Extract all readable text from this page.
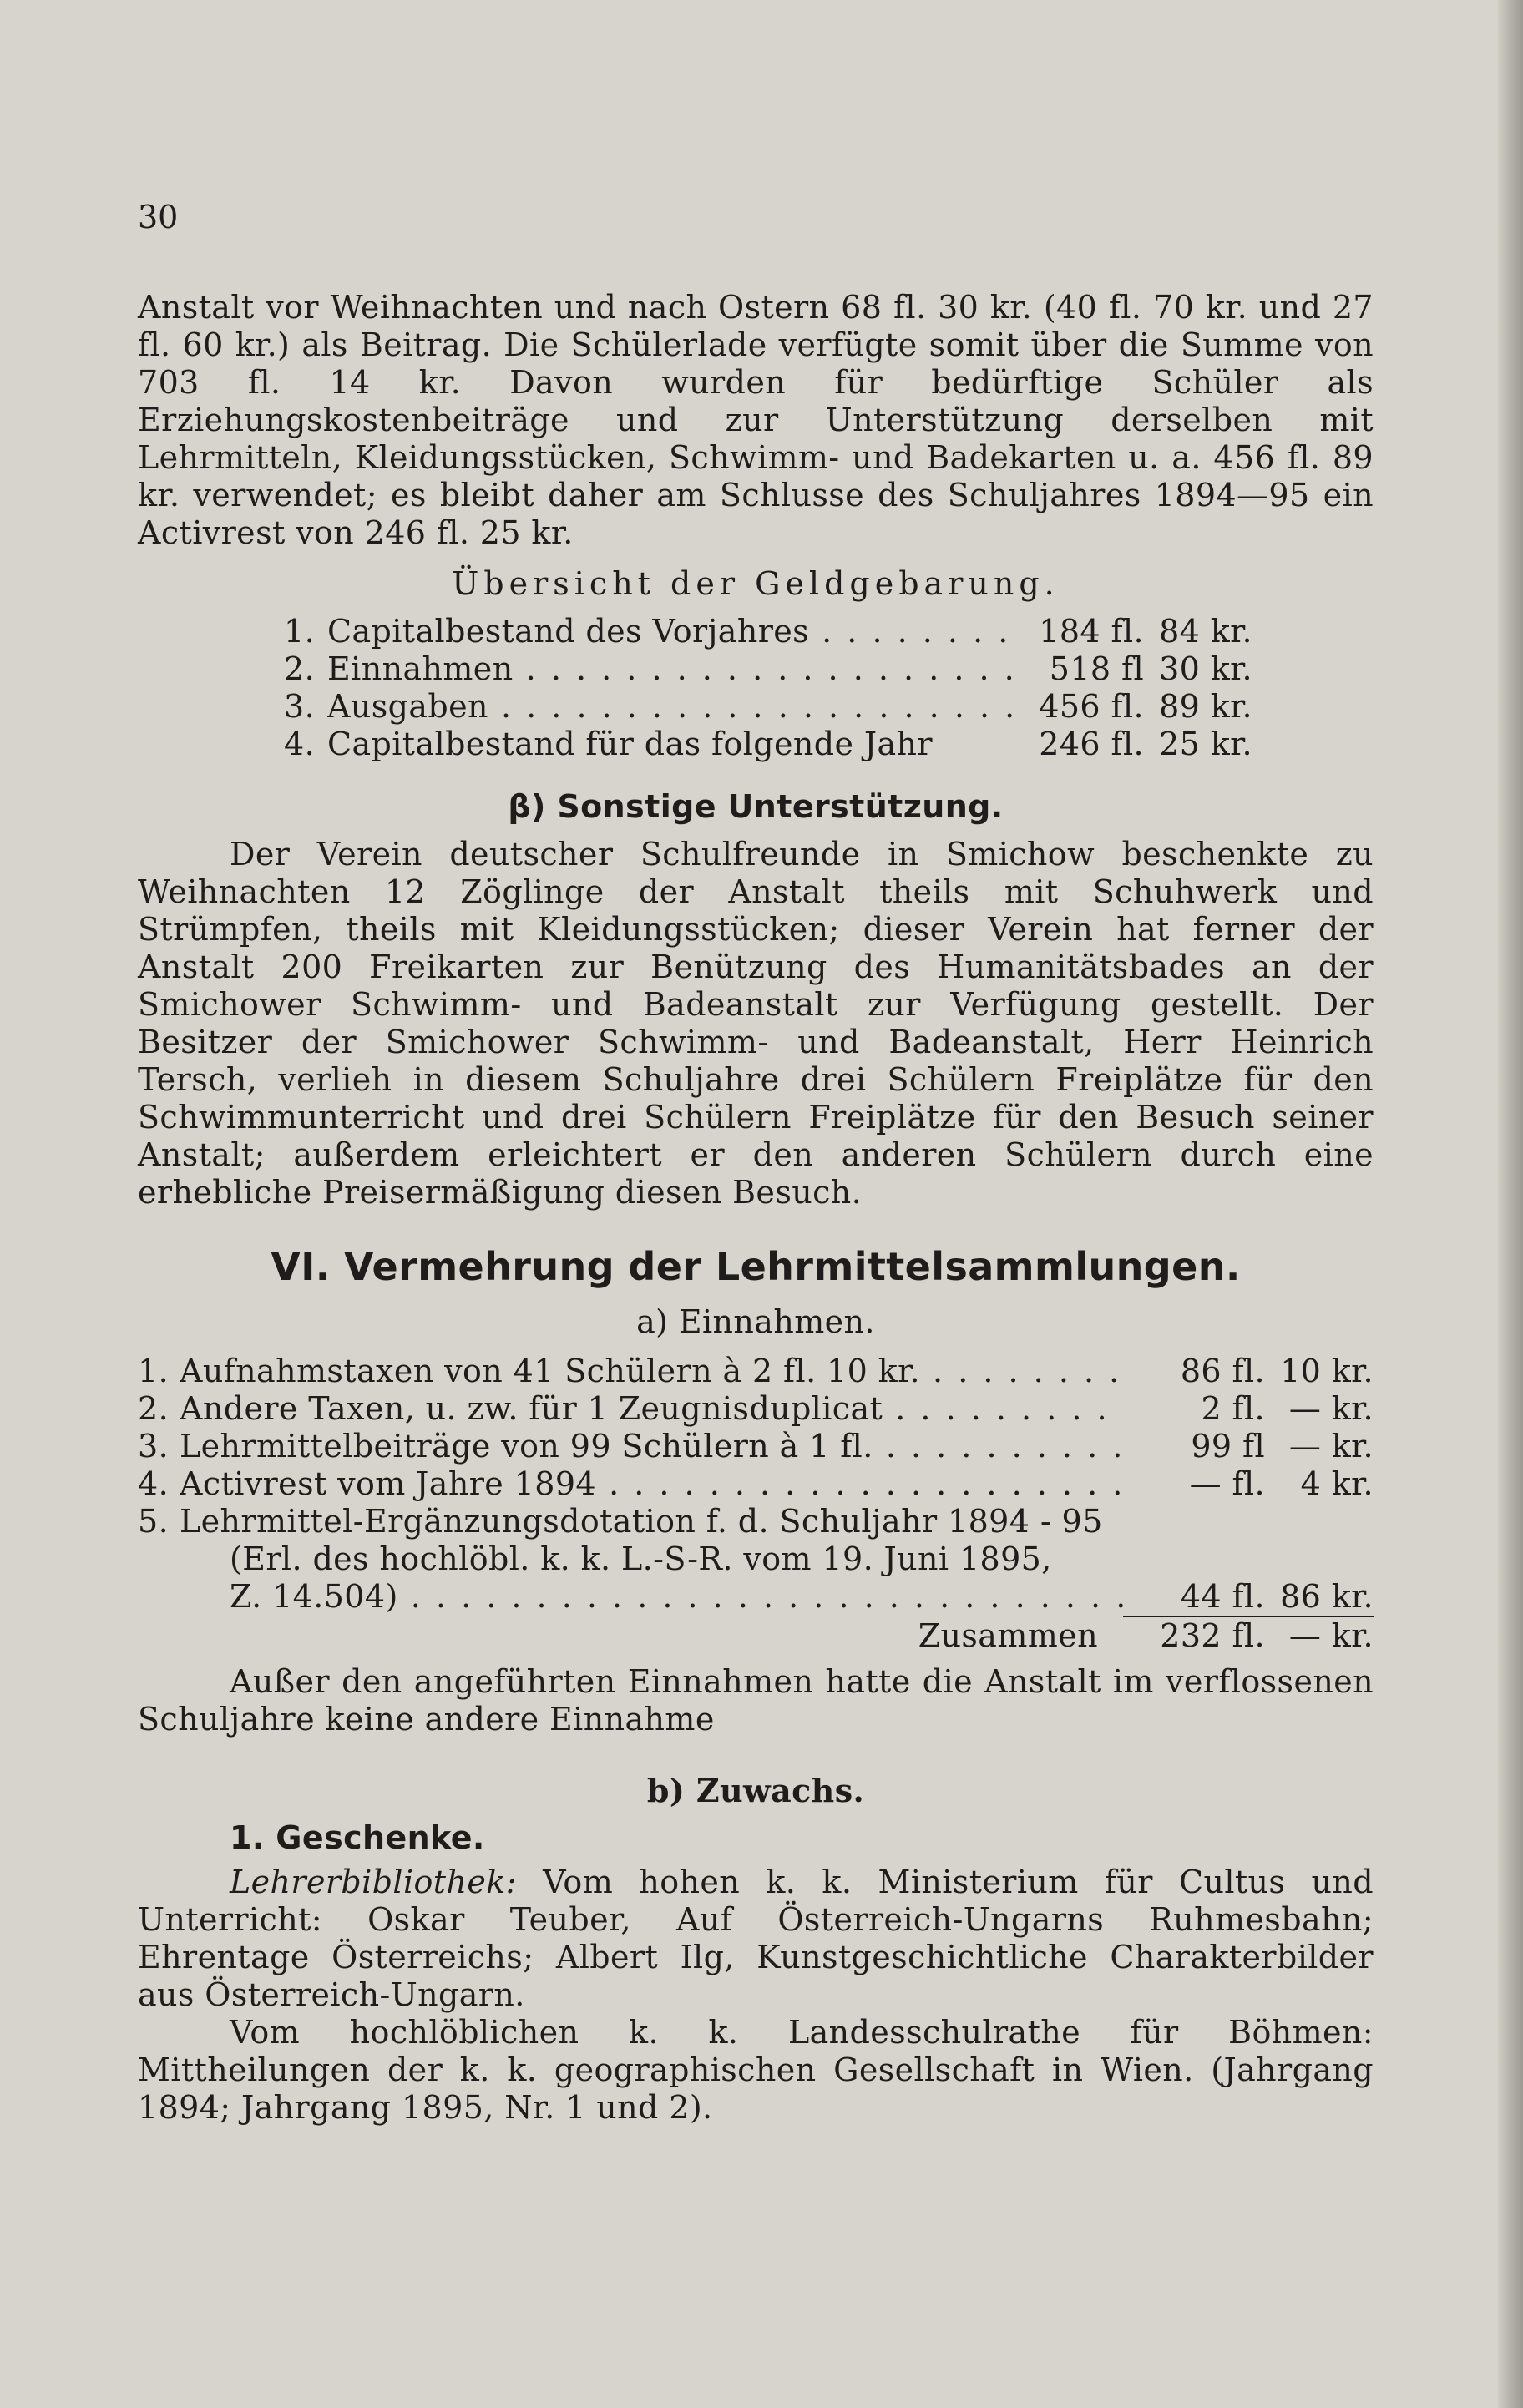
30

Anstalt vor Weihnachten und nach Ostern 68 fl. 30 kr. (40 fl. 70 kr. und 27 fl. 60 kr.) als Beitrag. Die Schülerlade verfügte somit über die Summe von 703 fl. 14 kr. Davon wurden für bedürftige Schüler als Erziehungskostenbeiträge und zur Unterstützung derselben mit Lehrmitteln, Kleidungsstücken, Schwimm- und Badekarten u. a. 456 fl. 89 kr. verwendet; es bleibt daher am Schlusse des Schuljahres 1894—95 ein Activrest von 246 fl. 25 kr.

Übersicht der Geldgebarung.

1. Capitalbestand des Vorjahres . . .	184 fl. 84 kr.
2. Einnahmen . . .	518 fl 30 kr.
3. Ausgaben . . .	456 fl. 89 kr.
4. Capitalbestand für das folgende Jahr	246 fl. 25 kr.

β) Sonstige Unterstützung.

Der Verein deutscher Schulfreunde in Smichow beschenkte zu Weihnachten 12 Zöglinge der Anstalt theils mit Schuhwerk und Strümpfen, theils mit Kleidungsstücken; dieser Verein hat ferner der Anstalt 200 Freikarten zur Benützung des Humanitätsbades an der Smichower Schwimm- und Badeanstalt zur Verfügung gestellt. Der Besitzer der Smichower Schwimm- und Badeanstalt, Herr Heinrich Tersch, verlieh in diesem Schuljahre drei Schülern Freiplätze für den Schwimmunterricht und drei Schülern Freiplätze für den Besuch seiner Anstalt; außerdem erleichtert er den anderen Schülern durch eine erhebliche Preisermäßigung diesen Besuch.

VI. Vermehrung der Lehrmittelsammlungen.

a) Einnahmen.

1. Aufnahmstaxen von 41 Schülern à 2 fl. 10 kr. . . .	86 fl. 10 kr.
2. Andere Taxen, u. zw. für 1 Zeugnisduplicat . . .	2 fl. — kr.
3. Lehrmittelbeiträge von 99 Schülern à 1 fl. . . .	99 fl — kr.
4. Activrest vom Jahre 1894 . . .	— fl.	4 kr.
5. Lehrmittel-Ergänzungsdotation f. d. Schuljahr 1894 - 95
(Erl. des hochlöbl. k. k. L.-S-R. vom 19. Juni 1895,
Z. 14.504) . . .	44 fl. 86 kr.
Zusammen	232 fl. — kr.

Außer den angeführten Einnahmen hatte die Anstalt im verflossenen Schuljahre keine andere Einnahme

b) Zuwachs.

1. Geschenke.

Lehrerbibliothek: Vom hohen k. k. Ministerium für Cultus und Unterricht: Oskar Teuber, Auf Österreich-Ungarns Ruhmesbahn; Ehrentage Österreichs; Albert Ilg, Kunstgeschichtliche Charakterbilder aus Österreich-Ungarn.

Vom hochlöblichen k. k. Landesschulrathe für Böhmen: Mittheilungen der k. k. geographischen Gesellschaft in Wien. (Jahrgang 1894; Jahrgang 1895, Nr. 1 und 2).
